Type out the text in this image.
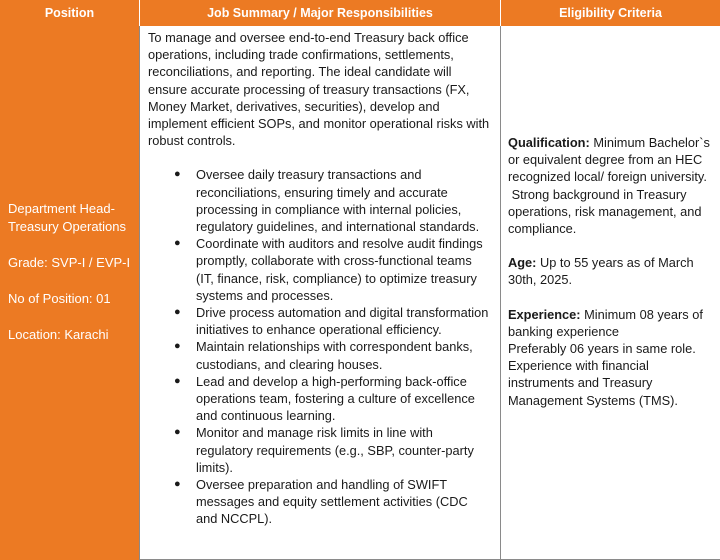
Position	Job Summary / Major Responsibilities	Eligibility Criteria
Department Head-
Treasury Operations
Grade: SVP-I / EVP-I
No of Position: 01
Location: Karachi

To manage and oversee end-to-end Treasury back office operations, including trade confirmations, settlements, reconciliations, and reporting. The ideal candidate will ensure accurate processing of treasury transactions (FX, Money Market, derivatives, securities), develop and implement efficient SOPs, and monitor operational risks with robust controls.

● Oversee daily treasury transactions and reconciliations, ensuring timely and accurate processing in compliance with internal policies, regulatory guidelines, and international standards.
● Coordinate with auditors and resolve audit findings promptly, collaborate with cross-functional teams (IT, finance, risk, compliance) to optimize treasury systems and processes.
● Drive process automation and digital transformation initiatives to enhance operational efficiency.
● Maintain relationships with correspondent banks, custodians, and clearing houses.
● Lead and develop a high-performing back-office operations team, fostering a culture of excellence and continuous learning.
● Monitor and manage risk limits in line with regulatory requirements (e.g., SBP, counter-party limits).
● Oversee preparation and handling of SWIFT messages and equity settlement activities (CDC and NCCPL).

Qualification: Minimum Bachelor`s or equivalent degree from an HEC recognized local/ foreign university.
Strong background in Treasury operations, risk management, and compliance.

Age: Up to 55 years as of March 30th, 2025.

Experience: Minimum 08 years of banking experience
Preferably 06 years in same role.
Experience with financial instruments and Treasury Management Systems (TMS).
